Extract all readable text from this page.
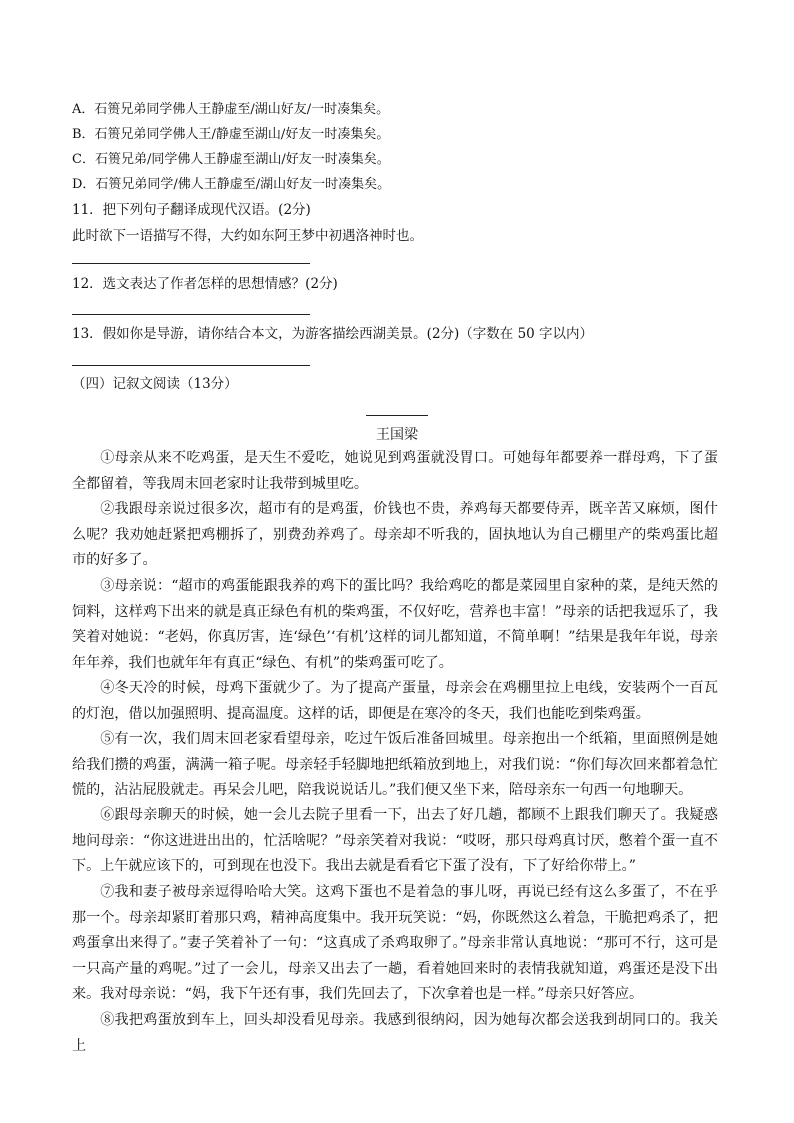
A．石篑兄弟同学佛人王静虚至/湖山好友/一时凑集矣。
B．石篑兄弟同学佛人王/静虚至湖山/好友一时凑集矣。
C．石篑兄弟/同学佛人王静虚至湖山/好友一时凑集矣。
D．石篑兄弟同学/佛人王静虚至/湖山好友一时凑集矣。
11．把下列句子翻译成现代汉语。(2分)
此时欲下一语描写不得，大约如东阿王梦中初遇洛神时也。
12．选文表达了作者怎样的思想情感？(2分)
13．假如你是导游，请你结合本文，为游客描绘西湖美景。(2分)（字数在 50 字以内）
（四）记叙文阅读（13分）
王国梁

①母亲从来不吃鸡蛋，是天生不爱吃，她说见到鸡蛋就没胃口。可她每年都要养一群母鸡，下了蛋全都留着，等我周末回老家时让我带到城里吃。

②我跟母亲说过很多次，超市有的是鸡蛋，价钱也不贵，养鸡每天都要侍弄，既辛苦又麻烦，图什么呢？我劝她赶紧把鸡棚拆了，别费劲养鸡了。母亲却不听我的，固执地认为自己棚里产的柴鸡蛋比超市的好多了。

③母亲说：“超市的鸡蛋能跟我养的鸡下的蛋比吗？我给鸡吃的都是菜园里自家种的菜，是纯天然的饲料，这样鸡下出来的就是真正绿色有机的柴鸡蛋，不仅好吃，营养也丰富！”母亲的话把我逗乐了，我笑着对她说：“老妈，你真厉害，连‘绿色’‘有机’这样的词儿都知道，不简单啊！”结果是我年年说，母亲年年养，我们也就年年有真正“绿色、有机”的柴鸡蛋可吃了。

④冬天冷的时候，母鸡下蛋就少了。为了提高产蛋量，母亲会在鸡棚里拉上电线，安装两个一百瓦的灯泡，借以加强照明、提高温度。这样的话，即便是在寒冷的冬天，我们也能吃到柴鸡蛋。

⑤有一次，我们周末回老家看望母亲，吃过午饭后准备回城里。母亲抱出一个纸箱，里面照例是她给我们攒的鸡蛋，满满一箱子呢。母亲轻手轻脚地把纸箱放到地上，对我们说：“你们每次回来都着急忙慌的，沾沾屁股就走。再呆会儿吧，陪我说说话儿。”我们便又坐下来，陪母亲东一句西一句地聊天。

⑥跟母亲聊天的时候，她一会儿去院子里看一下，出去了好几趟，都顾不上跟我们聊天了。我疑惑地问母亲：“你这进进出出的，忙活啥呢？”母亲笑着对我说：“哎呀，那只母鸡真讨厌，憋着个蛋一直不下。上午就应该下的，可到现在也没下。我出去就是看看它下蛋了没有，下了好给你带上。”

⑦我和妻子被母亲逗得哈哈大笑。这鸡下蛋也不是着急的事儿呀，再说已经有这么多蛋了，不在乎那一个。母亲却紧盯着那只鸡，精神高度集中。我开玩笑说：“妈，你既然这么着急，干脆把鸡杀了，把鸡蛋拿出来得了。”妻子笑着补了一句：“这真成了杀鸡取卵了。”母亲非常认真地说：“那可不行，这可是一只高产量的鸡呢。”过了一会儿，母亲又出去了一趟，看着她回来时的表情我就知道，鸡蛋还是没下出来。我对母亲说：“妈，我下午还有事，我们先回去了，下次拿着也是一样。”母亲只好答应。

⑧我把鸡蛋放到车上，回头却没看见母亲。我感到很纳闷，因为她每次都会送我到胡同口的。我关上
